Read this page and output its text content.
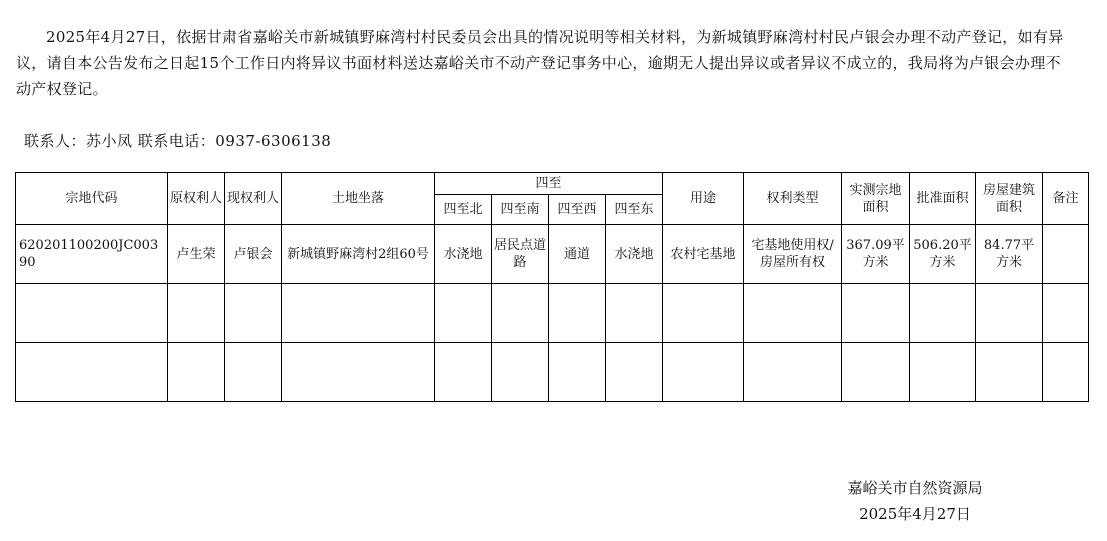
2025年4月27日，依据甘肃省嘉峪关市新城镇野麻湾村村民委员会出具的情况说明等相关材料，为新城镇野麻湾村村民卢银会办理不动产登记，如有异议，请自本公告发布之日起15个工作日内将异议书面材料送达嘉峪关市不动产登记事务中心，逾期无人提出异议或者异议不成立的，我局将为卢银会办理不动产权登记。

联系人：苏小凤 联系电话：0937-6306138
宗地代码	原权利人	现权利人	土地坐落	四至				用途	权利类型	实测宗地面积	批准面积	房屋建筑面积	备注
				四至北	四至南	四至西	四至东						
620201100200JC00390	卢生荣	卢银会	新城镇野麻湾村2组60号	水浇地	居民点道路	通道	水浇地	农村宅基地	宅基地使用权/房屋所有权	367.09平方米	506.20平方米	84.77平方米	

嘉峪关市自然资源局
2025年4月27日
